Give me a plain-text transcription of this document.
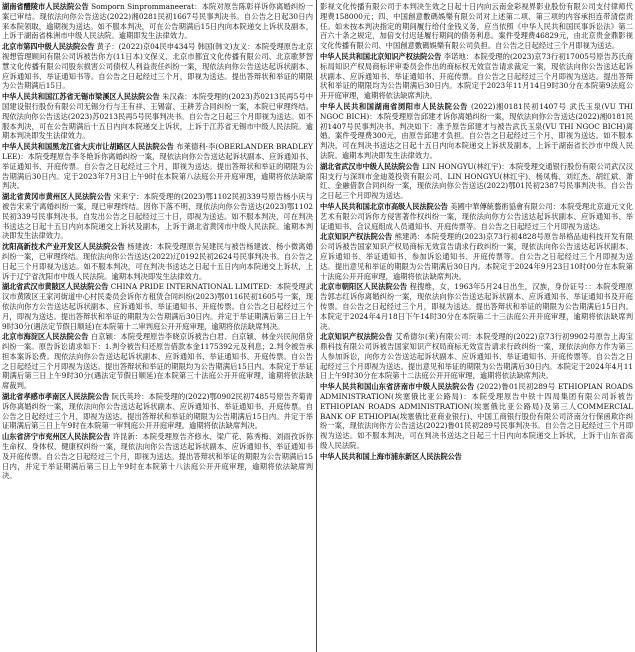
湖南省醴陵市人民法院公告 Somporn Sinprommaneerat：本院对原告陈彰祥诉你离婚纠纷一案已审结。现依法向你公告送达(2022)湘0281民初1667号民事判决书。自公告之日起30日内来本院领取，逾期视为送达。如不服本判决，可在公告期满后15日内向本院递交上诉状及副本，上诉于湖南省株洲市中级人民法院。逾期即发生法律效力。

北京市第四中级人民法院公告 黄子：(2022)京04民申434号 韩国(韩文)友义：本院受理原告北京视想管理顾问有限公司诉被告你方(11日本)文保义、北京市都宜文化传播有限公司、北京歌梦智慧文化传播有限公司股东损害公司债权人利益责任纠纷一案，现依法向你公告送达起诉状副本、应诉通知书、举证通知书等。自公告之日起经过三个月，即视为送达。提出答辩状和举证的期限为公告期满后15日。

中华人民共和国江苏省无锡市梁溪区人民法院公告 朱汉森：本院受理的(2023)苏0213民再5号中国建设银行股份有限公司无锡分行与王有祥、王锡富、王耕芳合同纠纷一案，本院已审理终结。现依法向你公告送达(2023)苏0213民再5号民事判决书。自公告之日起三个月即视为送达。如不服本判决，可在公告期满后十五日内向本院递交上诉状，上诉于江苏省无锡市中级人民法院。逾期本判决即发生法律效力。

中华人民共和国黑龙江省大庆市让胡路区人民法院公告 布莱德利·李(OBERLANDER BRADLEY LEE)：本院受理原告李冬艳诉你离婚纠纷一案，现依法向你公告送达起诉状副本、应诉通知书、举证通知书、开庭传票。自公告之日起经过三个月，即视为送达。提出答辩状和举证的期限为公告期满后30日内。定于2023年7月3日上午9时在本院第八法庭公开开庭审理，逾期将依法缺席判决。

湖北省黄冈市黄州区人民法院公告 宋来宁：本院受理的(2023)鄂1102民初339号原告杨小庆与被告宋来宁离婚纠纷一案，现已审理终结。因你下落不明，现依法向你公告送达(2023)鄂1102民初339号民事判决书。自发出公告之日起经过三十日，即视为送达。如不服本判决，可在判决书送达之日起十五日内向本院递交上诉状及副本，上诉于湖北省黄冈市中级人民法院。逾期本判决即发生法律效力。

沈阳高新技术产业开发区人民法院公告 杨建波：本院受理原告吴建民与被告杨建波、杨小微离婚纠纷一案，已审理终结。现依法向你公告送达(2022)辽0192民初2624号民事判决书。自公告之日起三个月即视为送达。如不服本判决，可在判决书送达之日起十五日内向本院递交上诉状，上诉于辽宁省沈阳市中级人民法院。逾期本判决即发生法律效力。

湖北省武汉市黄陂区人民法院公告 CHINA PRIDE INTERNATIONAL LIMITED：本院受理武汉市黄陂区王家河街道中心村民委员会诉你方租赁合同纠纷(2023)鄂0116民初1605号一案，现依法向你方公告送达起诉状副本、应诉通知书、举证通知书、开庭传票。自公告之日起经过三个月，即视为送达。提出答辩状和举证的期限为公告期满后30日内。并定于举证期满后第三日上午9时30分(遇法定节假日顺延)在本院第十二审判庭公开开庭审理，逾期将依法缺席判决。

北京市海淀区人民法院公告 白京颖：本院受理原告李晓京诉被告白君、白京颖、林金兴民间借贷纠纷一案。原告诉讼请求如下：1.判令被告归还原告借款本金1175392元及利息；2.判令被告承担本案诉讼费。现依法向你公告送达起诉状副本、应诉通知书、举证通知书、开庭传票。自公告之日起经过三个月即视为送达。提出答辩状和举证的期限均为公告期满后15日内。本院定于举证期满后第三日上午9时30分(遇法定节假日顺延)在本院第三十法庭公开开庭审理，逾期将依法缺席裁判。

湖北省孝感市孝南区人民法院公告 阮氏英玲：本院受理的(2022)鄂0902民初7485号原告齐菊青诉你离婚纠纷一案，现依法向你公告送达起诉状副本、应诉通知书、举证通知书、开庭传票。自公告之日起经过三个月，即视为送达。提出答辩状和举证的期限为公告期满后15日内。并定于举证期满后第三日上午9时在本院第一审判庭公开开庭审理。逾期将依法缺席判决。

山东省济宁市兖州区人民法院公告 许昆新：本院受理原告齐修水、梁广花、陈秀梅、刘雨孜诉你生命权、身体权、健康权纠纷一案，现依法向你公告送达起诉状副本、应诉通知书、举证通知书及开庭传票。自公告之日起经过三个月，即视为送达。提出答辩状和举证的期限为公告期满后15日内，并定于举证期满后第三日上午9时在本院第十八法庭公开开庭审理，逾期将依法缺席判决。

影视文化传播有限公司于本判决生效之日起十日内向云南金彩视界影业股份有限公司支付律师代理费158000元；四、中国創意數碼娛樂有限公司对上述第二项、第三项的内容承担连带清偿责任。如未按本判决指定的期间履行给付金钱义务，应当依照《中华人民共和国民事诉讼法》第二百六十条之规定，加倍支付迟延履行期间的债务利息。案件受理费46829元，由北京贵金鼎影视文化传播有限公司、中国創意數碼娛樂有限公司负担。自公告之日起经过三个月即视为送达。

中华人民共和国北京知识产权法院公告 李诺地：本院受理的(2023)京73行初17005号原告苏氏商标局知识产权局商标评审委员会作出的商标权无效宣告请求裁定一案，现依法向你公告送达起诉状副本、应诉通知书、举证通知书、开庭传票。自公告之日起经过三个月即视为送达。提出答辩状和举证的期限均为公告期满后30日内。本院定于2023年11月14日9时30分在本院第9法庭公开开庭审理，逾期将依法缺席判决。

中华人民共和国湖南省浏阳市人民法院公告 (2022)湘0181民初1407号 武氏玉泉(VU THI NGOC BICH)：本院受理原告邱建才诉你离婚纠纷一案，现依法向你公告送达(2022)湘0181民初1407号民事判决书。判决如下：准予原告邱建才与被告武氏玉泉(VU THI NGOC BICH)离婚。案件受理费300元，由原告邱建才负担。自公告之日起经过三个月，即视为送达。如不服本判决，可在判决书送达之日起十五日内向本院递交上诉状及副本，上诉于湖南省长沙市中级人民法院。逾期本判决即发生法律效力。

湖北省武汉市中级人民法院公告 LIN HONGYU(林红宇)：本院受理交通银行股份有限公司武汉汉阳支行与深圳市金迪菱投资有限公司、LIN HONGYU(林红宇)、杨凤梅、刘红杰、胡红斌、萧红、金融借款合同纠纷一案，现依法向你公告送达(2022)鄂01民初2387号民事判决书。自公告之日起三个月即视为送达。

中华人民共和国北京市高级人民法院公告 美國中華傳統藝術協會有限公司：本院受理北京道元文化艺术有限公司诉你方侵害著作权纠纷一案，现依法向你方公告送达起诉状副本、应诉通知书、举证通知书、合议庭组成人员通知书、开庭传票等。自公告之日起经过三个月即视为送达。

北京知识产权法院公告 熊建鸿：本院受理的(2023)京73行初4828号原告昂格品迪科技开发有限公司诉被告国家知识产权局商标无效宣告请求行政纠纷一案，现依法向你公告送达起诉状副本、应诉通知书、举证通知书、参加诉讼通知书、开庭传票等。自公告之日起经过三个月即视为送达。提出意见和举证的期限为公告期满后30日内。本院定于2024年9月23日10时00分在本院第十法庭公开开庭审理，逾期将依法缺席判决。

北京市朝阳区人民法院公告 程搜维，女，1963年5月24日出生，汉族，身份证号：：本院受理原告郭志红诉你离婚纠纷一案，现依法向你公告送达起诉状副本、应诉通知书、举证通知书及开庭传票。自公告之日起经过三个月，即视为送达。提出答辩状和举证的期限为公告期满后15日内。本院定于2024年4月18日下午14时30分在本院第二十三法庭公开开庭审理，逾期将依法缺席判决。

北京知识产权法院公告 艾希德尔(莱)有限公司：本院受理的(2022)京73行初9902号原告上海宝鼎科技有限公司诉被告国家知识产权局商标无效宣告请求行政纠纷一案，现依法向你方作为第三人参加诉讼，向你方公告送达起诉状副本、应诉通知书、举证通知书、开庭传票等。自公告之日起经过三个月即视为送达。提出意见和举证的期限为公告期满后30日内。本院定于2024年4月11日上午9时30分在本院第十二法庭公开开庭审理，逾期将依法缺席判决。

中华人民共和国山东省济南市中级人民法院公告 (2022)鲁01民初289号 ETHIOPIAN ROADS ADMINISTRATION(埃塞俄比亚公路局)：本院受理原告中铁十四局集团有限公司诉被告ETHIOPIAN ROADS ADMINISTRATION(埃塞俄比亚公路局)及第三人COMMERCIAL BANK OF ETHIOPIA(埃塞俄比亚商业银行)、中国工商银行股份有限公司济南分行保函欺诈纠纷一案，现依法向你方公告送达(2022)鲁01民初289号民事判决书。自公告之日起经过三个月即视为送达。如不服本判决，可在判决书送达之日起三十日内向本院递交上诉状，上诉于山东省高级人民法院。

中华人民共和国上海市浦东新区人民法院公告
